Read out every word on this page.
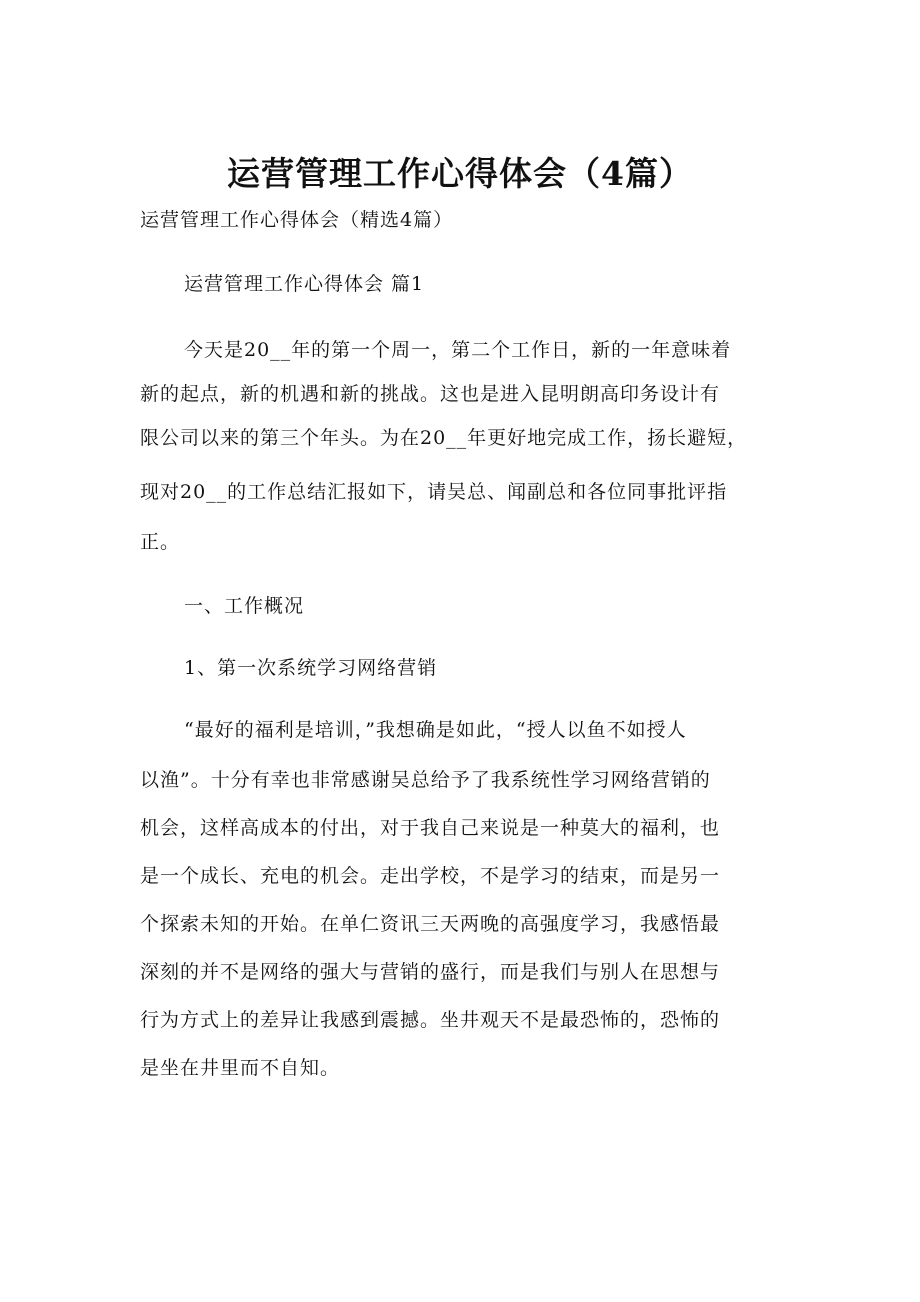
运营管理工作心得体会（4篇）
运营管理工作心得体会（精选4篇）
运营管理工作心得体会 篇1
今天是20__年的第一个周一，第二个工作日，新的一年意味着
新的起点，新的机遇和新的挑战。这也是进入昆明朗高印务设计有
限公司以来的第三个年头。为在20__年更好地完成工作，扬长避短，
现对20__的工作总结汇报如下，请吴总、闻副总和各位同事批评指
正。
一、工作概况
1、第一次系统学习网络营销
“最好的福利是培训，”我想确是如此，“授人以鱼不如授人
以渔”。十分有幸也非常感谢吴总给予了我系统性学习网络营销的
机会，这样高成本的付出，对于我自己来说是一种莫大的福利，也
是一个成长、充电的机会。走出学校，不是学习的结束，而是另一
个探索未知的开始。在单仁资讯三天两晚的高强度学习，我感悟最
深刻的并不是网络的强大与营销的盛行，而是我们与别人在思想与
行为方式上的差异让我感到震撼。坐井观天不是最恐怖的，恐怖的
是坐在井里而不自知。
